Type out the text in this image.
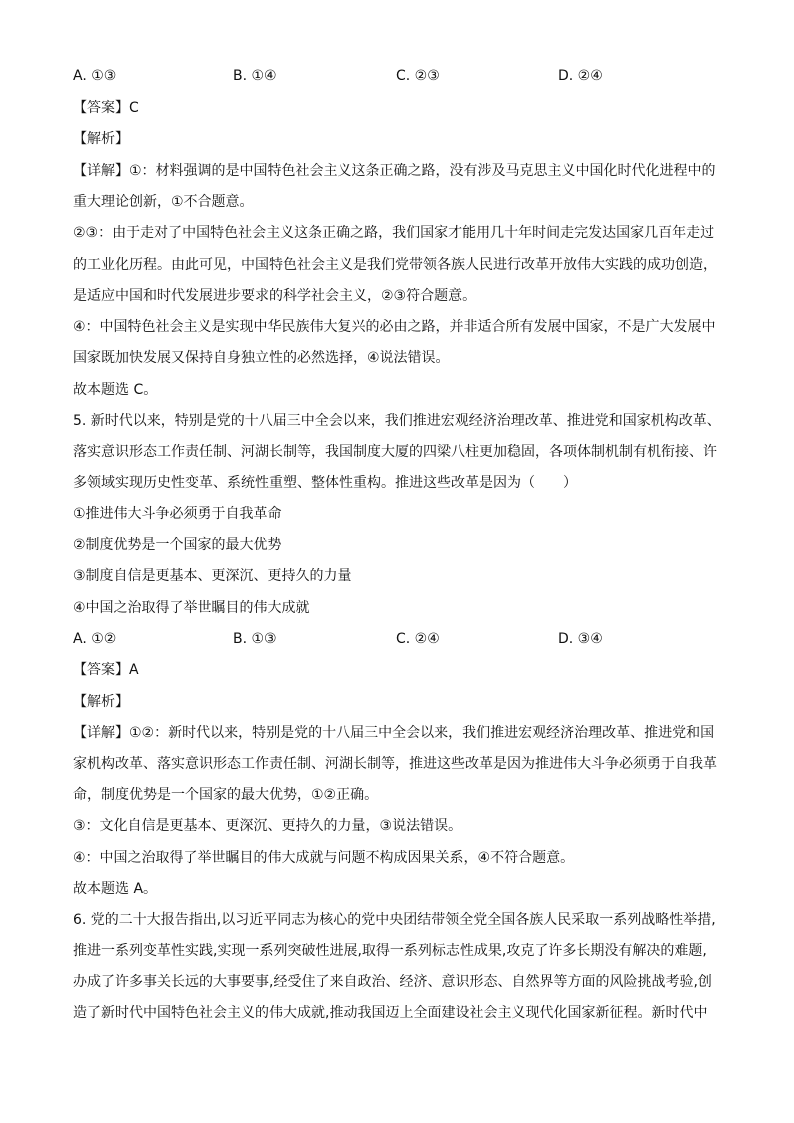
A. ①③	B. ①④	C. ②③	D. ②④
【答案】C
【解析】
【详解】①：材料强调的是中国特色社会主义这条正确之路，没有涉及马克思主义中国化时代化进程中的
重大理论创新，①不合题意。
②③：由于走对了中国特色社会主义这条正确之路，我们国家才能用几十年时间走完发达国家几百年走过
的工业化历程。由此可见，中国特色社会主义是我们党带领各族人民进行改革开放伟大实践的成功创造，
是适应中国和时代发展进步要求的科学社会主义，②③符合题意。
④：中国特色社会主义是实现中华民族伟大复兴的必由之路，并非适合所有发展中国家，不是广大发展中
国家既加快发展又保持自身独立性的必然选择，④说法错误。
故本题选 C。
5. 新时代以来，特别是党的十八届三中全会以来，我们推进宏观经济治理改革、推进党和国家机构改革、
落实意识形态工作责任制、河湖长制等，我国制度大厦的四梁八柱更加稳固，各项体制机制有机衔接、许
多领域实现历史性变革、系统性重塑、整体性重构。推进这些改革是因为（　　）
①推进伟大斗争必须勇于自我革命
②制度优势是一个国家的最大优势
③制度自信是更基本、更深沉、更持久的力量
④中国之治取得了举世瞩目的伟大成就
A. ①②	B. ①③	C. ②④	D. ③④
【答案】A
【解析】
【详解】①②：新时代以来，特别是党的十八届三中全会以来，我们推进宏观经济治理改革、推进党和国
家机构改革、落实意识形态工作责任制、河湖长制等，推进这些改革是因为推进伟大斗争必须勇于自我革
命，制度优势是一个国家的最大优势，①②正确。
③：文化自信是更基本、更深沉、更持久的力量，③说法错误。
④：中国之治取得了举世瞩目的伟大成就与问题不构成因果关系，④不符合题意。
故本题选 A。
6. 党的二十大报告指出,以习近平同志为核心的党中央团结带领全党全国各族人民采取一系列战略性举措,
推进一系列变革性实践,实现一系列突破性进展,取得一系列标志性成果,攻克了许多长期没有解决的难题,
办成了许多事关长远的大事要事,经受住了来自政治、经济、意识形态、自然界等方面的风险挑战考验,创
造了新时代中国特色社会主义的伟大成就,推动我国迈上全面建设社会主义现代化国家新征程。新时代中
